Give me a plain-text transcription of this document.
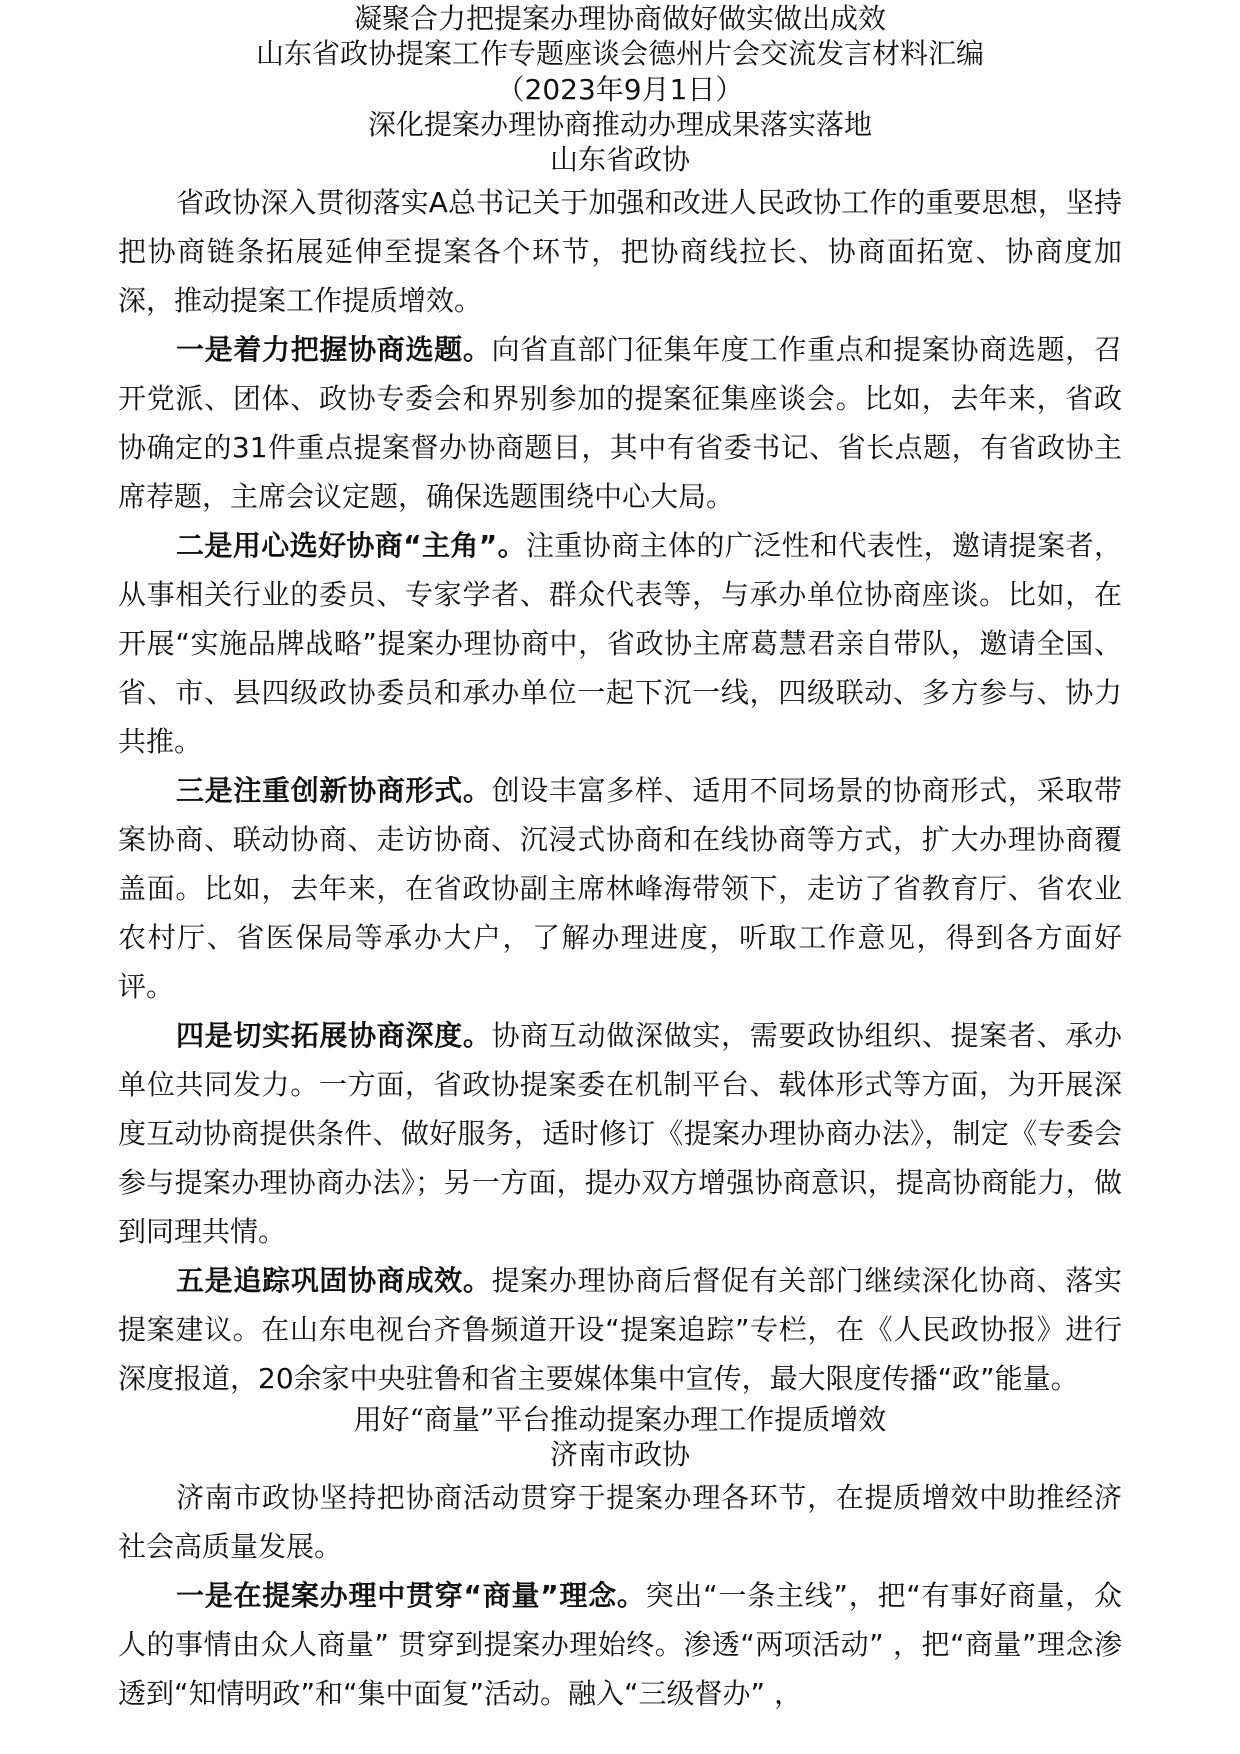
凝聚合力把提案办理协商做好做实做出成效

山东省政协提案工作专题座谈会德州片会交流发言材料汇编

（2023年9月1日）

深化提案办理协商推动办理成果落实落地

山东省政协

省政协深入贯彻落实A总书记关于加强和改进人民政协工作的重要思想，坚持把协商链条拓展延伸至提案各个环节，把协商线拉长、协商面拓宽、协商度加深，推动提案工作提质增效。

一是着力把握协商选题。向省直部门征集年度工作重点和提案协商选题，召开党派、团体、政协专委会和界别参加的提案征集座谈会。比如，去年来，省政协确定的31件重点提案督办协商题目，其中有省委书记、省长点题，有省政协主席荐题，主席会议定题，确保选题围绕中心大局。

二是用心选好协商“主角”。注重协商主体的广泛性和代表性，邀请提案者，从事相关行业的委员、专家学者、群众代表等，与承办单位协商座谈。比如，在开展“实施品牌战略”提案办理协商中，省政协主席葛慧君亲自带队，邀请全国、省、市、县四级政协委员和承办单位一起下沉一线，四级联动、多方参与、协力共推。

三是注重创新协商形式。创设丰富多样、适用不同场景的协商形式，采取带案协商、联动协商、走访协商、沉浸式协商和在线协商等方式，扩大办理协商覆盖面。比如，去年来，在省政协副主席林峰海带领下，走访了省教育厅、省农业农村厅、省医保局等承办大户，了解办理进度，听取工作意见，得到各方面好评。

四是切实拓展协商深度。协商互动做深做实，需要政协组织、提案者、承办单位共同发力。一方面，省政协提案委在机制平台、载体形式等方面，为开展深度互动协商提供条件、做好服务，适时修订《提案办理协商办法》，制定《专委会参与提案办理协商办法》；另一方面，提办双方增强协商意识，提高协商能力，做到同理共情。

五是追踪巩固协商成效。提案办理协商后督促有关部门继续深化协商、落实提案建议。在山东电视台齐鲁频道开设“提案追踪”专栏，在《人民政协报》进行深度报道，20余家中央驻鲁和省主要媒体集中宣传，最大限度传播“政”能量。

用好“商量”平台推动提案办理工作提质增效

济南市政协

济南市政协坚持把协商活动贯穿于提案办理各环节，在提质增效中助推经济社会高质量发展。

一是在提案办理中贯穿“商量”理念。突出“一条主线”，把“有事好商量，众人的事情由众人商量” 贯穿到提案办理始终。渗透“两项活动” ，把“商量”理念渗透到“知情明政”和“集中面复”活动。融入“三级督办” ，
